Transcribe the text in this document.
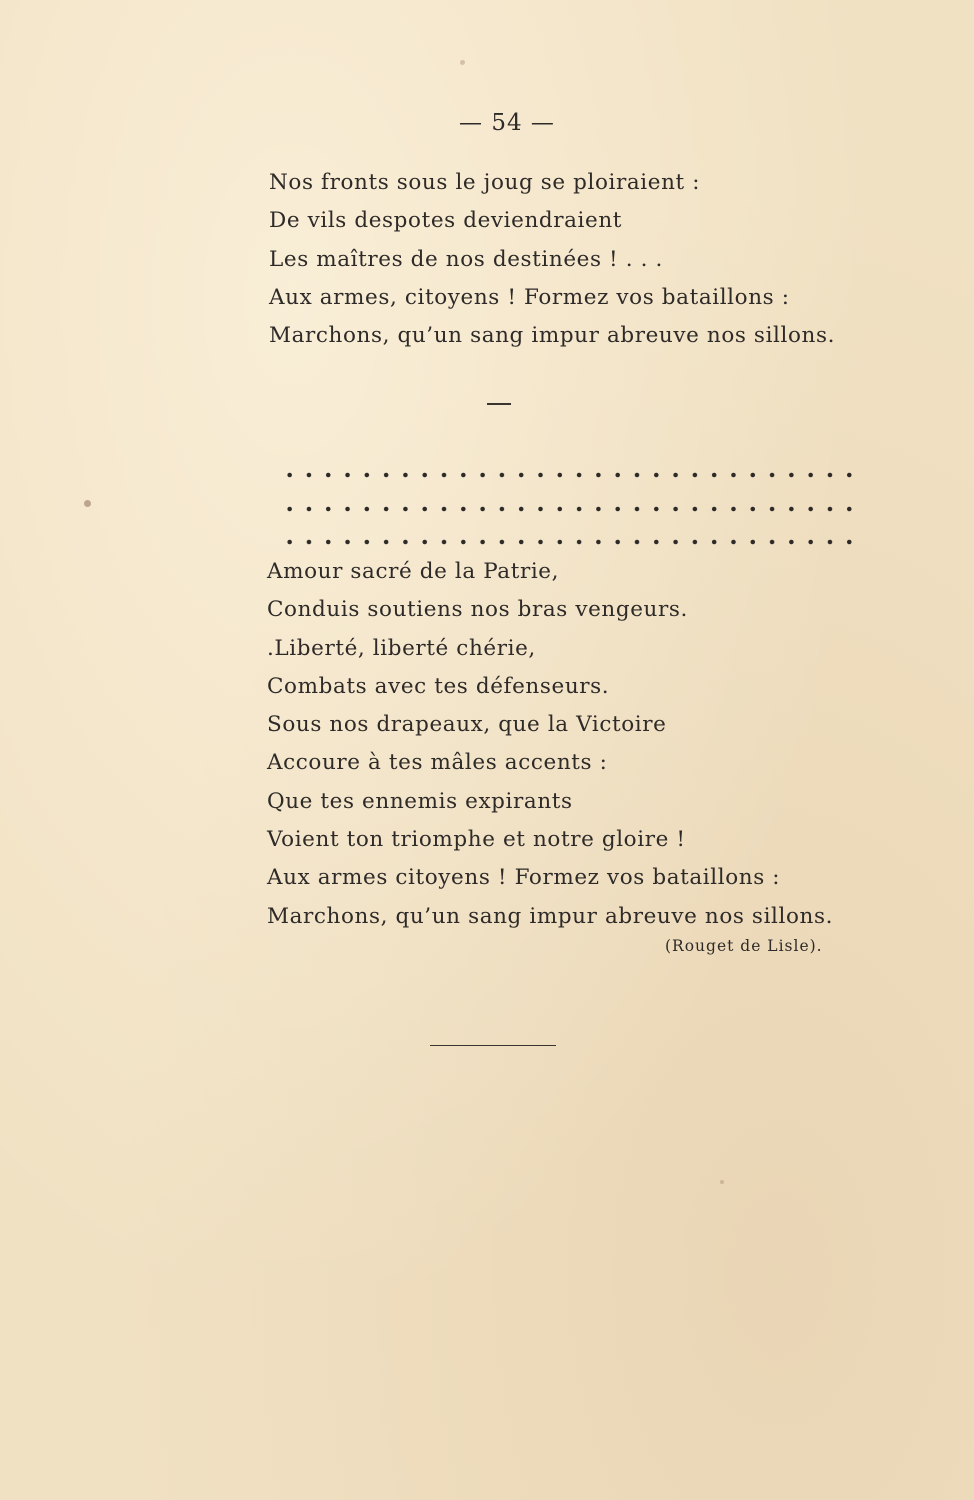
— 54 —
Nos fronts sous le joug se ploiraient :
De vils despotes deviendraient
Les maîtres de nos destinées ! . . .
Aux armes, citoyens ! Formez vos bataillons :
Marchons, qu’un sang impur abreuve nos sillons.
Amour sacré de la Patrie,
Conduis soutiens nos bras vengeurs.
.Liberté, liberté chérie,
Combats avec tes défenseurs.
Sous nos drapeaux, que la Victoire
Accoure à tes mâles accents :
Que tes ennemis expirants
Voient ton triomphe et notre gloire !
Aux armes citoyens ! Formez vos bataillons :
Marchons, qu’un sang impur abreuve nos sillons.
(Rouget de Lisle).
